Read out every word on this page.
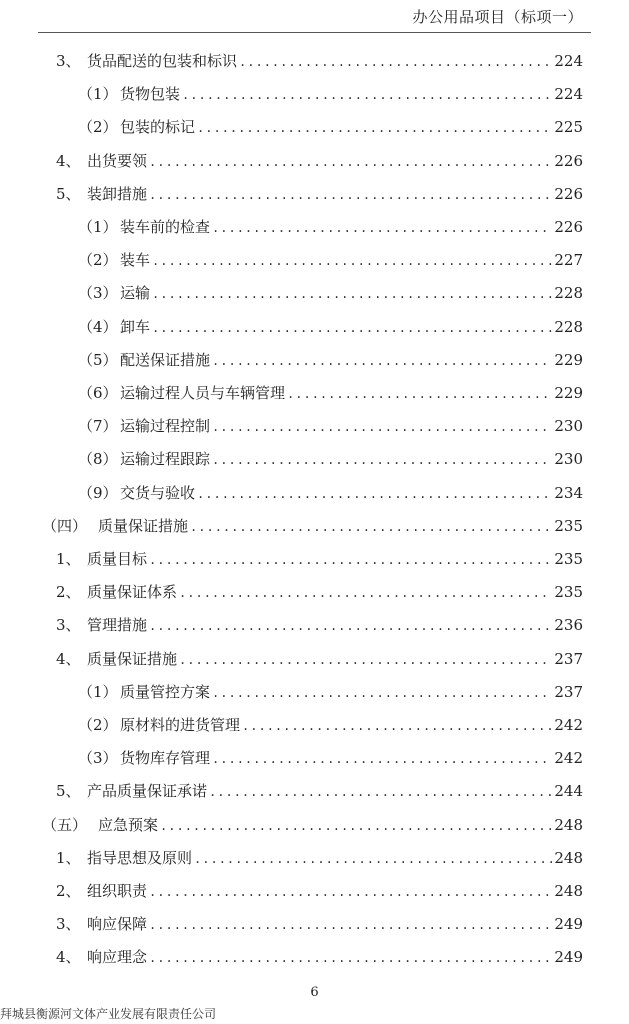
办公用品项目（标项一）
3、 货品配送的包装和标识 .....	224
（1） 货物包装 .....	224
（2） 包装的标记 .....	225
4、 出货要领 .....	226
5、 装卸措施 .....	226
（1） 装车前的检查 .....	226
（2） 装车 .....	227
（3） 运输 .....	228
（4） 卸车 .....	228
（5） 配送保证措施 .....	229
（6） 运输过程人员与车辆管理 .....	229
（7） 运输过程控制 .....	230
（8） 运输过程跟踪 .....	230
（9） 交货与验收 .....	234
（四） 质量保证措施 .....	235
1、 质量目标 .....	235
2、 质量保证体系 .....	235
3、 管理措施 .....	236
4、 质量保证措施 .....	237
（1） 质量管控方案 .....	237
（2） 原材料的进货管理 .....	242
（3） 货物库存管理 .....	242
5、 产品质量保证承诺 .....	244
（五） 应急预案 .....	248
1、 指导思想及原则 .....	248
2、 组织职责 .....	248
3、 响应保障 .....	249
4、 响应理念 .....	249
6
拜城县衡源河文体产业发展有限责任公司
